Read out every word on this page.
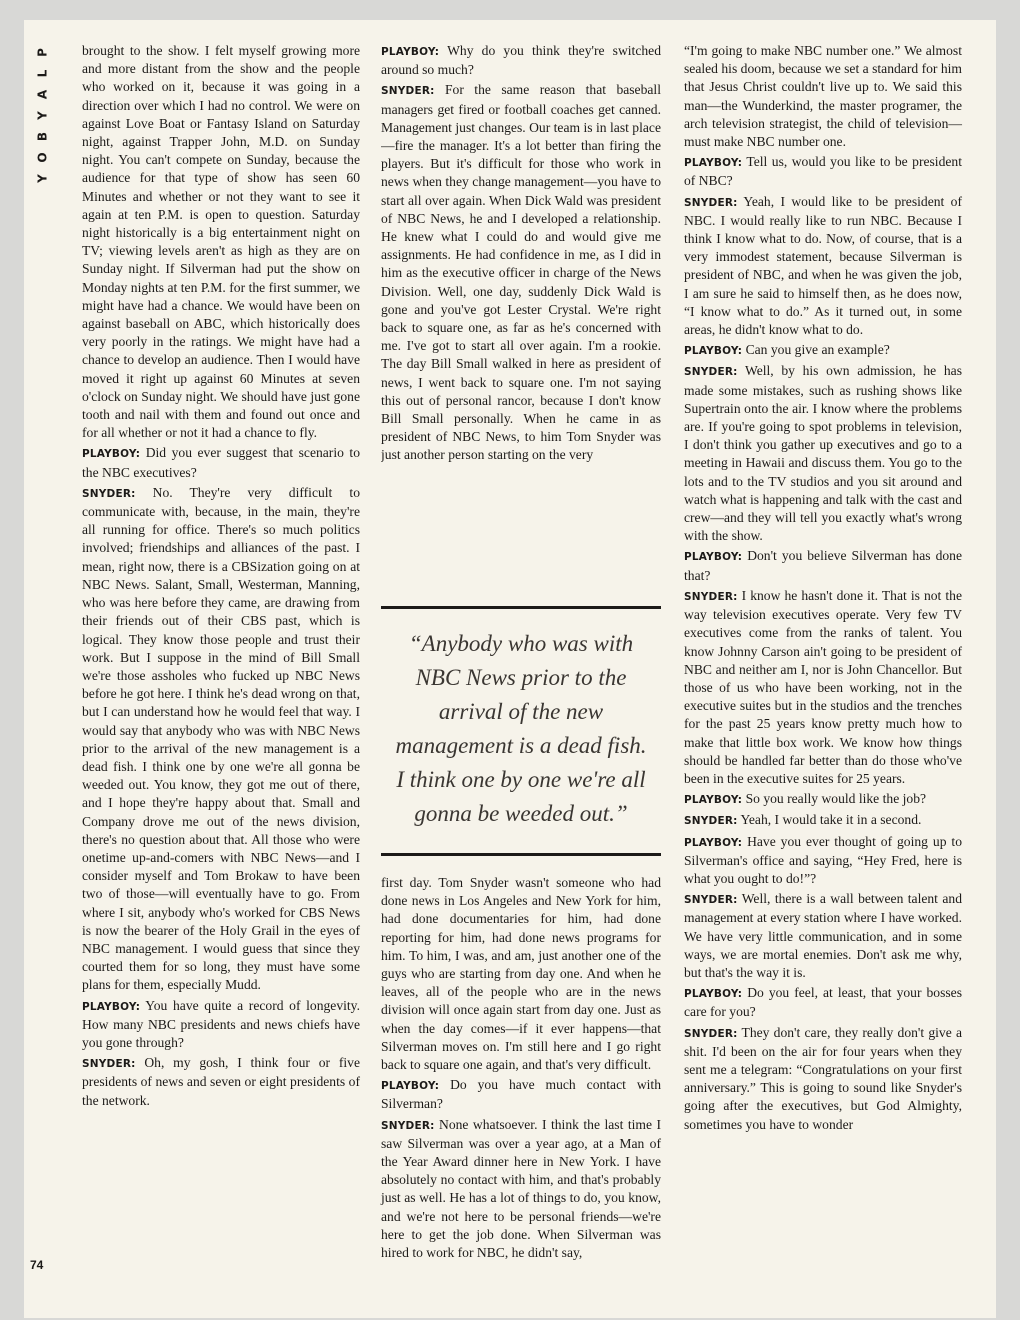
P
L
A
Y
B
O
Y
74

brought to the show. I felt myself growing more and more distant from the show and the people who worked on it, because it was going in a direction over which I had no control. We were on against Love Boat or Fantasy Island on Saturday night, against Trapper John, M.D. on Sunday night. You can't compete on Sunday, because the audience for that type of show has seen 60 Minutes and whether or not they want to see it again at ten P.M. is open to question. Saturday night historically is a big entertainment night on TV; viewing levels aren't as high as they are on Sunday night. If Silverman had put the show on Monday nights at ten P.M. for the first summer, we might have had a chance. We would have been on against baseball on ABC, which historically does very poorly in the ratings. We might have had a chance to develop an audience. Then I would have moved it right up against 60 Minutes at seven o'clock on Sunday night. We should have just gone tooth and nail with them and found out once and for all whether or not it had a chance to fly.

PLAYBOY: Did you ever suggest that scenario to the NBC executives?

SNYDER: No. They're very difficult to communicate with, because, in the main, they're all running for office. There's so much politics involved; friendships and alliances of the past. I mean, right now, there is a CBSization going on at NBC News. Salant, Small, Westerman, Manning, who was here before they came, are drawing from their friends out of their CBS past, which is logical. They know those people and trust their work. But I suppose in the mind of Bill Small we're those assholes who fucked up NBC News before he got here. I think he's dead wrong on that, but I can understand how he would feel that way. I would say that anybody who was with NBC News prior to the arrival of the new management is a dead fish. I think one by one we're all gonna be weeded out. You know, they got me out of there, and I hope they're happy about that. Small and Company drove me out of the news division, there's no question about that. All those who were onetime up-and-comers with NBC News—and I consider myself and Tom Brokaw to have been two of those—will eventually have to go. From where I sit, anybody who's worked for CBS News is now the bearer of the Holy Grail in the eyes of NBC management. I would guess that since they courted them for so long, they must have some plans for them, especially Mudd.

PLAYBOY: You have quite a record of longevity. How many NBC presidents and news chiefs have you gone through?

SNYDER: Oh, my gosh, I think four or five presidents of news and seven or eight presidents of the network.

PLAYBOY: Why do you think they're switched around so much?

SNYDER: For the same reason that baseball managers get fired or football coaches get canned. Management just changes. Our team is in last place—fire the manager. It's a lot better than firing the players. But it's difficult for those who work in news when they change management—you have to start all over again. When Dick Wald was president of NBC News, he and I developed a relationship. He knew what I could do and would give me assignments. He had confidence in me, as I did in him as the executive officer in charge of the News Division. Well, one day, suddenly Dick Wald is gone and you've got Lester Crystal. We're right back to square one, as far as he's concerned with me. I've got to start all over again. I'm a rookie. The day Bill Small walked in here as president of news, I went back to square one. I'm not saying this out of personal rancor, because I don't know Bill Small personally. When he came in as president of NBC News, to him Tom Snyder was just another person starting on the very

“Anybody who was with NBC News prior to the arrival of the new management is a dead fish. I think one by one we're all gonna be weeded out.”

first day. Tom Snyder wasn't someone who had done news in Los Angeles and New York for him, had done documentaries for him, had done reporting for him, had done news programs for him. To him, I was, and am, just another one of the guys who are starting from day one. And when he leaves, all of the people who are in the news division will once again start from day one. Just as when the day comes—if it ever happens—that Silverman moves on. I'm still here and I go right back to square one again, and that's very difficult.

PLAYBOY: Do you have much contact with Silverman?

SNYDER: None whatsoever. I think the last time I saw Silverman was over a year ago, at a Man of the Year Award dinner here in New York. I have absolutely no contact with him, and that's probably just as well. He has a lot of things to do, you know, and we're not here to be personal friends—we're here to get the job done. When Silverman was hired to work for NBC, he didn't say,

“I'm going to make NBC number one.” We almost sealed his doom, because we set a standard for him that Jesus Christ couldn't live up to. We said this man—the Wunderkind, the master programer, the arch television strategist, the child of television—must make NBC number one.

PLAYBOY: Tell us, would you like to be president of NBC?

SNYDER: Yeah, I would like to be president of NBC. I would really like to run NBC. Because I think I know what to do. Now, of course, that is a very immodest statement, because Silverman is president of NBC, and when he was given the job, I am sure he said to himself then, as he does now, “I know what to do.” As it turned out, in some areas, he didn't know what to do.

PLAYBOY: Can you give an example?

SNYDER: Well, by his own admission, he has made some mistakes, such as rushing shows like Supertrain onto the air. I know where the problems are. If you're going to spot problems in television, I don't think you gather up executives and go to a meeting in Hawaii and discuss them. You go to the lots and to the TV studios and you sit around and watch what is happening and talk with the cast and crew—and they will tell you exactly what's wrong with the show.

PLAYBOY: Don't you believe Silverman has done that?

SNYDER: I know he hasn't done it. That is not the way television executives operate. Very few TV executives come from the ranks of talent. You know Johnny Carson ain't going to be president of NBC and neither am I, nor is John Chancellor. But those of us who have been working, not in the executive suites but in the studios and the trenches for the past 25 years know pretty much how to make that little box work. We know how things should be handled far better than do those who've been in the executive suites for 25 years.

PLAYBOY: So you really would like the job?

SNYDER: Yeah, I would take it in a second.

PLAYBOY: Have you ever thought of going up to Silverman's office and saying, “Hey Fred, here is what you ought to do!”?

SNYDER: Well, there is a wall between talent and management at every station where I have worked. We have very little communication, and in some ways, we are mortal enemies. Don't ask me why, but that's the way it is.

PLAYBOY: Do you feel, at least, that your bosses care for you?

SNYDER: They don't care, they really don't give a shit. I'd been on the air for four years when they sent me a telegram: “Congratulations on your first anniversary.” This is going to sound like Snyder's going after the executives, but God Almighty, sometimes you have to wonder
